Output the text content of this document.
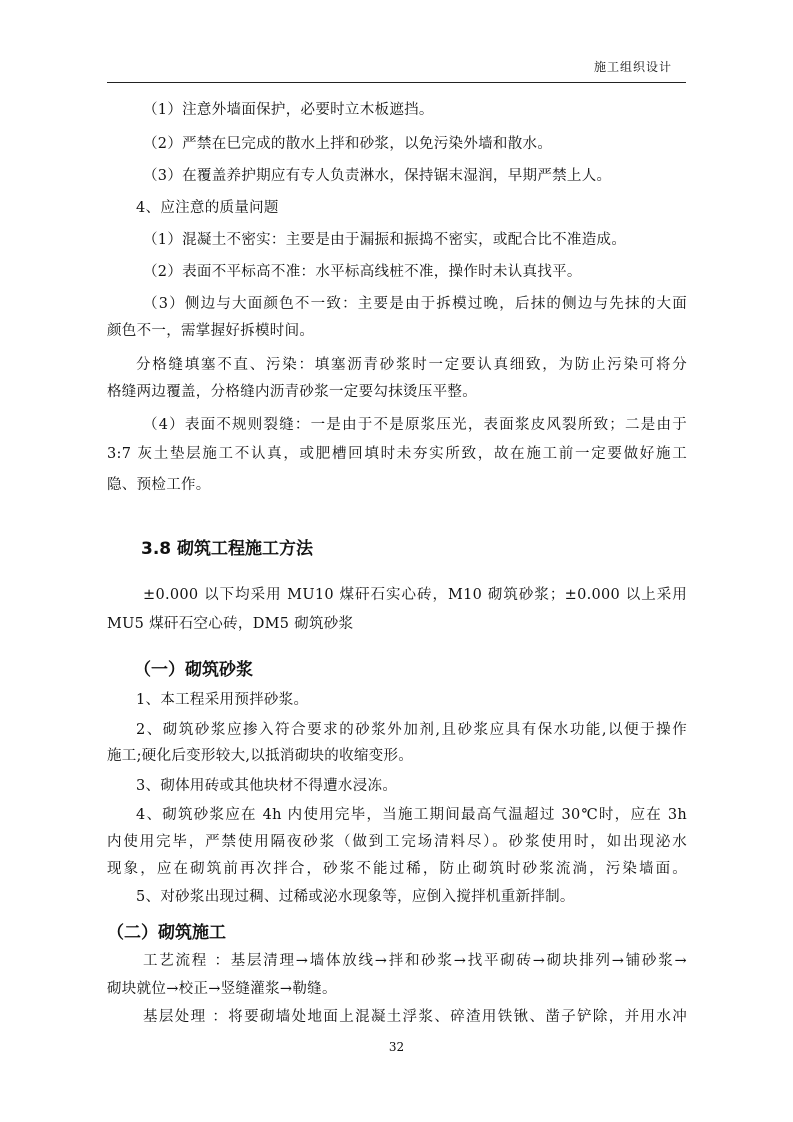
施工组织设计
（1）注意外墙面保护，必要时立木板遮挡。
（2）严禁在巳完成的散水上拌和砂浆，以免污染外墙和散水。
（3）在覆盖养护期应有专人负责淋水，保持锯末湿润，早期严禁上人。
4、应注意的质量问题
（1）混凝土不密实：主要是由于漏振和振捣不密实，或配合比不准造成。
（2）表面不平标高不准：水平标高线桩不准，操作时未认真找平。
（3）侧边与大面颜色不一致：主要是由于拆模过晚，后抹的侧边与先抹的大面
颜色不一，需掌握好拆模时间。
分格缝填塞不直、污染：填塞沥青砂浆时一定要认真细致，为防止污染可将分
格缝两边覆盖，分格缝内沥青砂浆一定要勾抹烫压平整。
（4）表面不规则裂缝：一是由于不是原浆压光，表面浆皮风裂所致；二是由于
3:7 灰土垫层施工不认真，或肥槽回填时未夯实所致，故在施工前一定要做好施工
隐、预检工作。
3.8 砌筑工程施工方法
±0.000 以下均采用 MU10 煤矸石实心砖，M10 砌筑砂浆；±0.000 以上采用
MU5 煤矸石空心砖，DM5 砌筑砂浆
（一）砌筑砂浆
1、本工程采用预拌砂浆。
2、砌筑砂浆应掺入符合要求的砂浆外加剂,且砂浆应具有保水功能,以便于操作
施工;硬化后变形较大,以抵消砌块的收缩变形。
3、砌体用砖或其他块材不得遭水浸冻。
4、砌筑砂浆应在 4h 内使用完毕，当施工期间最高气温超过 30℃时，应在 3h
内使用完毕，严禁使用隔夜砂浆（做到工完场清料尽）。砂浆使用时，如出现泌水
现象，应在砌筑前再次拌合，砂浆不能过稀，防止砌筑时砂浆流淌，污染墙面。
5、对砂浆出现过稠、过稀或泌水现象等，应倒入搅拌机重新拌制。
（二）砌筑施工
工艺流程 ：基层清理→墙体放线→拌和砂浆→找平砌砖→砌块排列→铺砂浆→
砌块就位→校正→竖缝灌浆→勒缝。
基层处理 ：将要砌墙处地面上混凝土浮浆、碎渣用铁锹、凿子铲除，并用水冲
32
